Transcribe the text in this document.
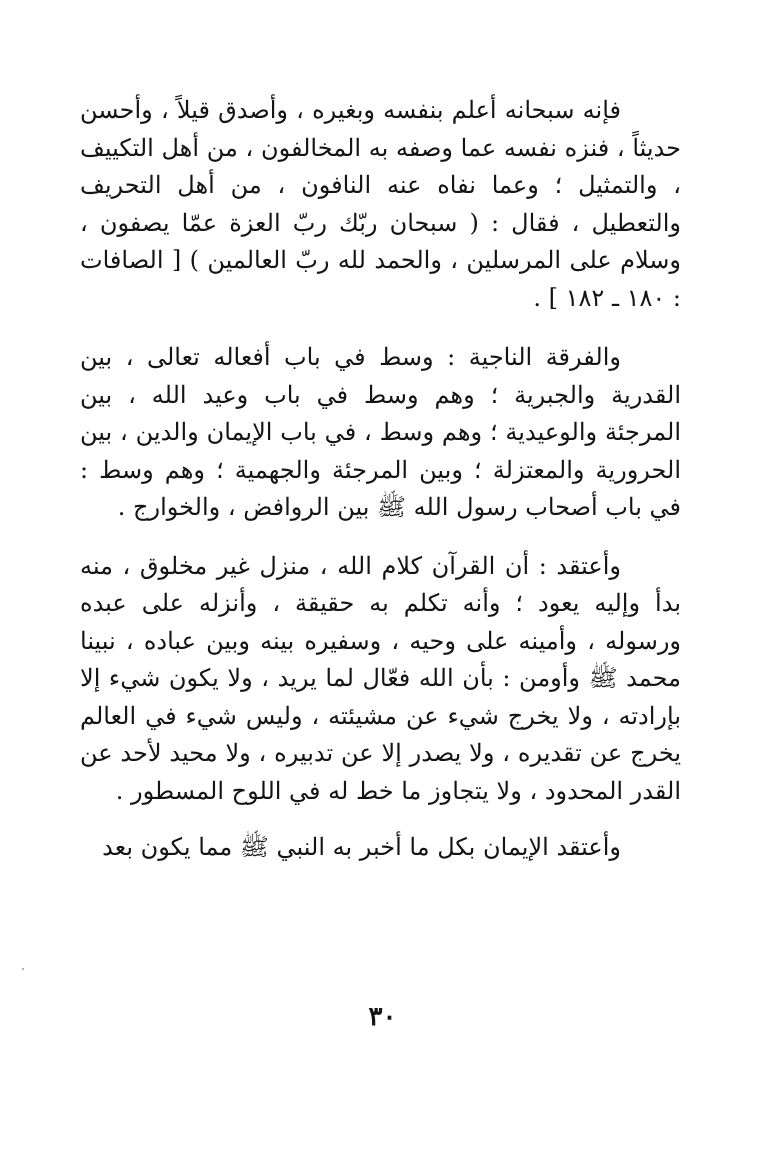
فإنه سبحانه أعلم بنفسه وبغيره ، وأصدق قيلاً ، وأحسن حديثاً ، فنزه نفسه عما وصفه به المخالفون ، من أهل التكييف ، والتمثيل ؛ وعما نفاه عنه النافون ، من أهل التحريف والتعطيل ، فقال : ( سبحان ربّك ربّ العزة عمّا يصفون ، وسلام على المرسلين ، والحمد لله ربّ العالمين ) [ الصافات : ١٨٠ ـ ١٨٢ ] .

والفرقة الناجية : وسط في باب أفعاله تعالى ، بين القدرية والجبرية ؛ وهم وسط في باب وعيد الله ، بين المرجئة والوعيدية ؛ وهم وسط ، في باب الإيمان والدين ، بين الحرورية والمعتزلة ؛ وبين المرجئة والجهمية ؛ وهم وسط : في باب أصحاب رسول الله ﷺ بين الروافض ، والخوارج .

وأعتقد : أن القرآن كلام الله ، منزل غير مخلوق ، منه بدأ وإليه يعود ؛ وأنه تكلم به حقيقة ، وأنزله على عبده ورسوله ، وأمينه على وحيه ، وسفيره بينه وبين عباده ، نبينا محمد ﷺ وأومن : بأن الله فعّال لما يريد ، ولا يكون شيء إلا بإرادته ، ولا يخرج شيء عن مشيئته ، وليس شيء في العالم يخرج عن تقديره ، ولا يصدر إلا عن تدبيره ، ولا محيد لأحد عن القدر المحدود ، ولا يتجاوز ما خط له في اللوح المسطور .

وأعتقد الإيمان بكل ما أخبر به النبي ﷺ مما يكون بعد

٣٠
